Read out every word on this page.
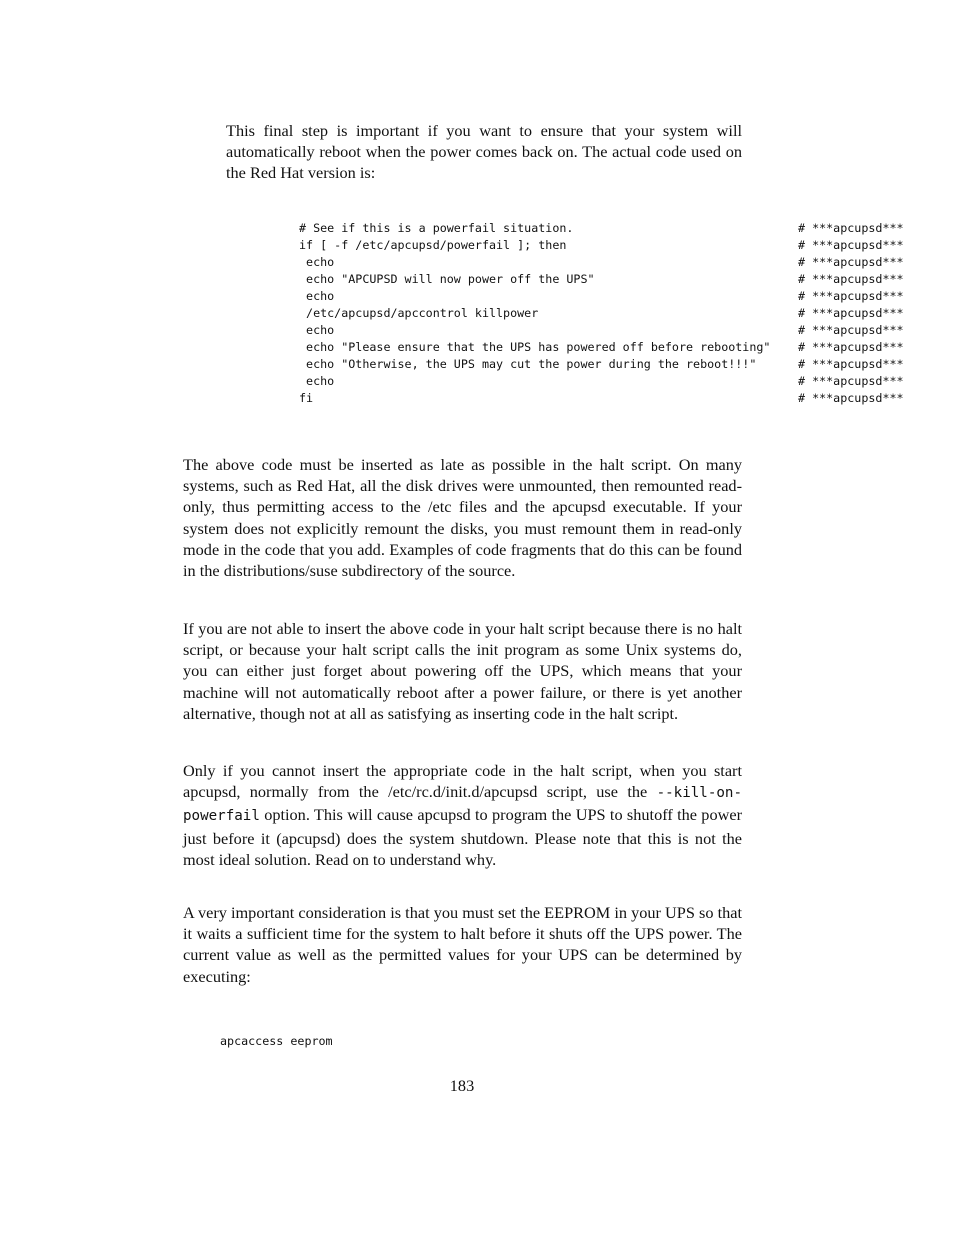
This final step is important if you want to ensure that your system will automatically reboot when the power comes back on. The actual code used on the Red Hat version is:

# See if this is a powerfail situation.	# ***apcupsd***
if [ -f /etc/apcupsd/powerfail ]; then	# ***apcupsd***
echo	# ***apcupsd***
echo "APCUPSD will now power off the UPS"	# ***apcupsd***
echo	# ***apcupsd***
/etc/apcupsd/apccontrol killpower	# ***apcupsd***
echo	# ***apcupsd***
echo "Please ensure that the UPS has powered off before rebooting" # ***apcupsd***
echo "Otherwise, the UPS may cut the power during the reboot!!!"	# ***apcupsd***
echo	# ***apcupsd***
fi	# ***apcupsd***

The above code must be inserted as late as possible in the halt script. On many systems, such as Red Hat, all the disk drives were unmounted, then remounted read-only, thus permitting access to the /etc files and the apcupsd executable. If your system does not explicitly remount the disks, you must remount them in read-only mode in the code that you add. Examples of code fragments that do this can be found in the distributions/suse subdirectory of the source.

If you are not able to insert the above code in your halt script because there is no halt script, or because your halt script calls the init program as some Unix systems do, you can either just forget about powering off the UPS, which means that your machine will not automatically reboot after a power failure, or there is yet another alternative, though not at all as satisfying as inserting code in the halt script.

Only if you cannot insert the appropriate code in the halt script, when you start apcupsd, normally from the /etc/rc.d/init.d/apcupsd script, use the --kill-on-powerfail option. This will cause apcupsd to program the UPS to shutoff the power just before it (apcupsd) does the system shutdown. Please note that this is not the most ideal solution. Read on to understand why.

A very important consideration is that you must set the EEPROM in your UPS so that it waits a sufficient time for the system to halt before it shuts off the UPS power. The current value as well as the permitted values for your UPS can be determined by executing:

apcaccess eeprom
183
